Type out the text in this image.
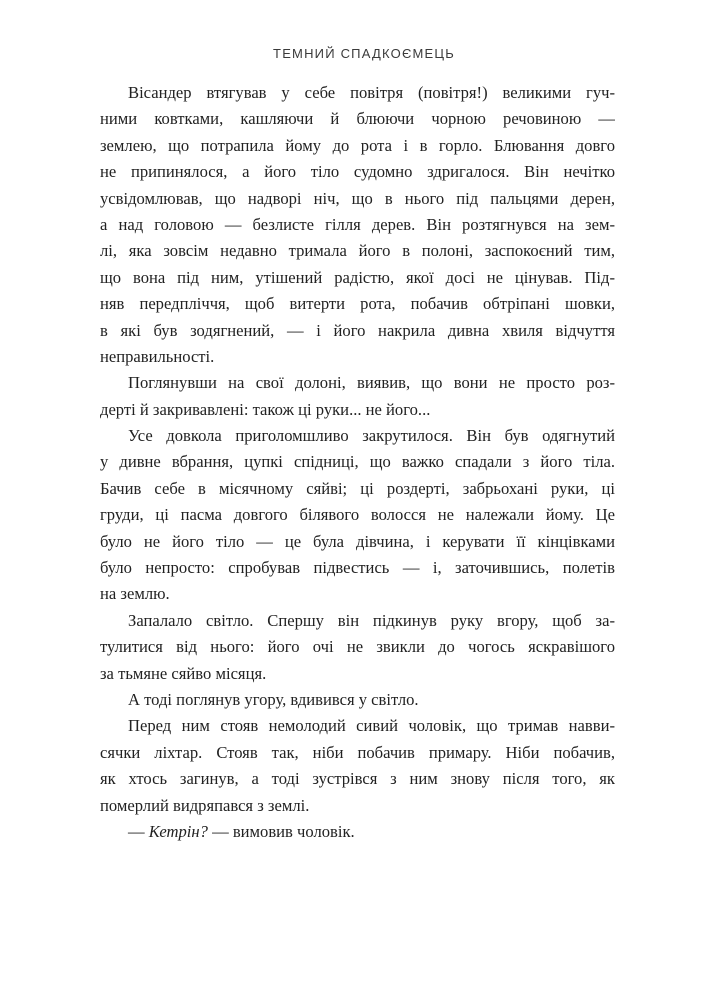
ТЕМНИЙ СПАДКОЄМЕЦЬ
Вісандер втягував у себе повітря (повітря!) великими гуч-
ними ковтками, кашляючи й блюючи чорною речовиною —
землею, що потрапила йому до рота і в горло. Блювання довго
не припинялося, а його тіло судомно здригалося. Він нечітко
усвідомлював, що надворі ніч, що в нього під пальцями дерен,
а над головою — безлисте гілля дерев. Він розтягнувся на зем-
лі, яка зовсім недавно тримала його в полоні, заспокоєний тим,
що вона під ним, утішений радістю, якої досі не цінував. Під-
няв передпліччя, щоб витерти рота, побачив обтріпані шовки,
в які був зодягнений, — і його накрила дивна хвиля відчуття
неправильності.
Поглянувши на свої долоні, виявив, що вони не просто роз-
дерті й закривавлені: також ці руки... не його...
Усе довкола приголомшливо закрутилося. Він був одягнутий
у дивне вбрання, цупкі спідниці, що важко спадали з його тіла.
Бачив себе в місячному сяйві; ці роздерті, забрьохані руки, ці
груди, ці пасма довгого білявого волосся не належали йому. Це
було не його тіло — це була дівчина, і керувати її кінцівками
було непросто: спробував підвестись — і, заточившись, полетів
на землю.
Запалало світло. Спершу він підкинув руку вгору, щоб за-
тулитися від нього: його очі не звикли до чогось яскравішого
за тьмяне сяйво місяця.
А тоді поглянув угору, вдивився у світло.
Перед ним стояв немолодий сивий чоловік, що тримав навви-
сячки ліхтар. Стояв так, ніби побачив примару. Ніби побачив,
як хтось загинув, а тоді зустрівся з ним знову після того, як
померлий видряпався з землі.
— Кетрін? — вимовив чоловік.
